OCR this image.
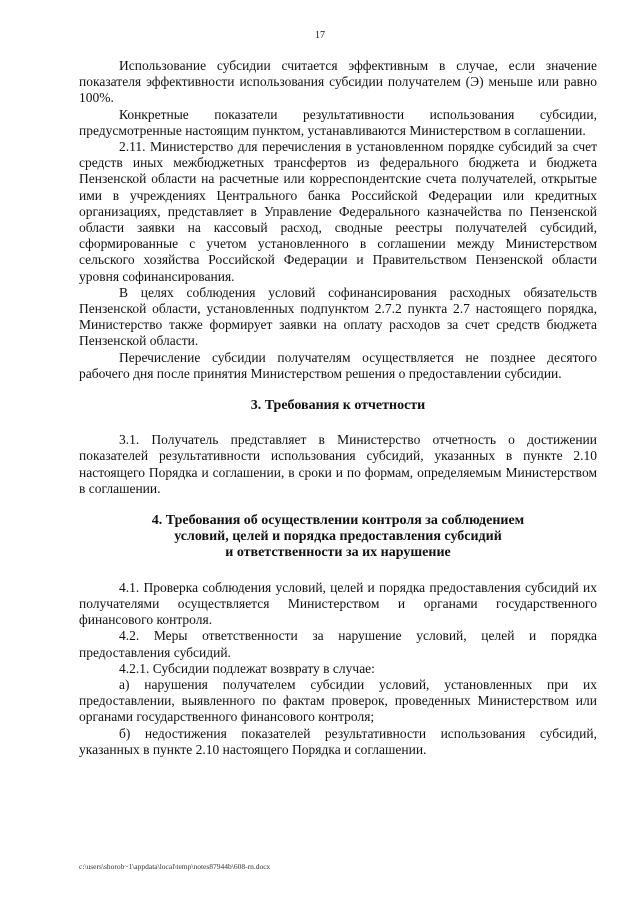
17

Использование субсидии считается эффективным в случае, если значение показателя эффективности использования субсидии получателем (Э) меньше или равно 100%.

Конкретные показатели результативности использования субсидии, предусмотренные настоящим пунктом, устанавливаются Министерством в соглашении.

2.11. Министерство для перечисления в установленном порядке субсидий за счет средств иных межбюджетных трансфертов из федерального бюджета и бюджета Пензенской области на расчетные или корреспондентские счета получателей, открытые ими в учреждениях Центрального банка Российской Федерации или кредитных организациях, представляет в Управление Федерального казначейства по Пензенской области заявки на кассовый расход, сводные реестры получателей субсидий, сформированные с учетом установленного в соглашении между Министерством сельского хозяйства Российской Федерации и Правительством Пензенской области уровня софинансирования.

В целях соблюдения условий софинансирования расходных обязательств Пензенской области, установленных подпунктом 2.7.2 пункта 2.7 настоящего порядка, Министерство также формирует заявки на оплату расходов за счет средств бюджета Пензенской области.

Перечисление субсидии получателям осуществляется не позднее десятого рабочего дня после принятия Министерством решения о предоставлении субсидии.

3. Требования к отчетности

3.1. Получатель представляет в Министерство отчетность о достижении показателей результативности использования субсидий, указанных в пункте 2.10 настоящего Порядка и соглашении, в сроки и по формам, определяемым Министерством в соглашении.

4. Требования об осуществлении контроля за соблюдением
условий, целей и порядка предоставления субсидий
и ответственности за их нарушение

4.1. Проверка соблюдения условий, целей и порядка предоставления субсидий их получателями осуществляется Министерством и органами государственного финансового контроля.

4.2. Меры ответственности за нарушение условий, целей и порядка предоставления субсидий.

4.2.1. Субсидии подлежат возврату в случае:

а) нарушения получателем субсидии условий, установленных при их предоставлении, выявленного по фактам проверок, проведенных Министерством или органами государственного финансового контроля;

б) недостижения показателей результативности использования субсидий, указанных в пункте 2.10 настоящего Порядка и соглашении.

c:\users\shorob~1\appdata\local\temp\notes87944b\608-rn.docx
